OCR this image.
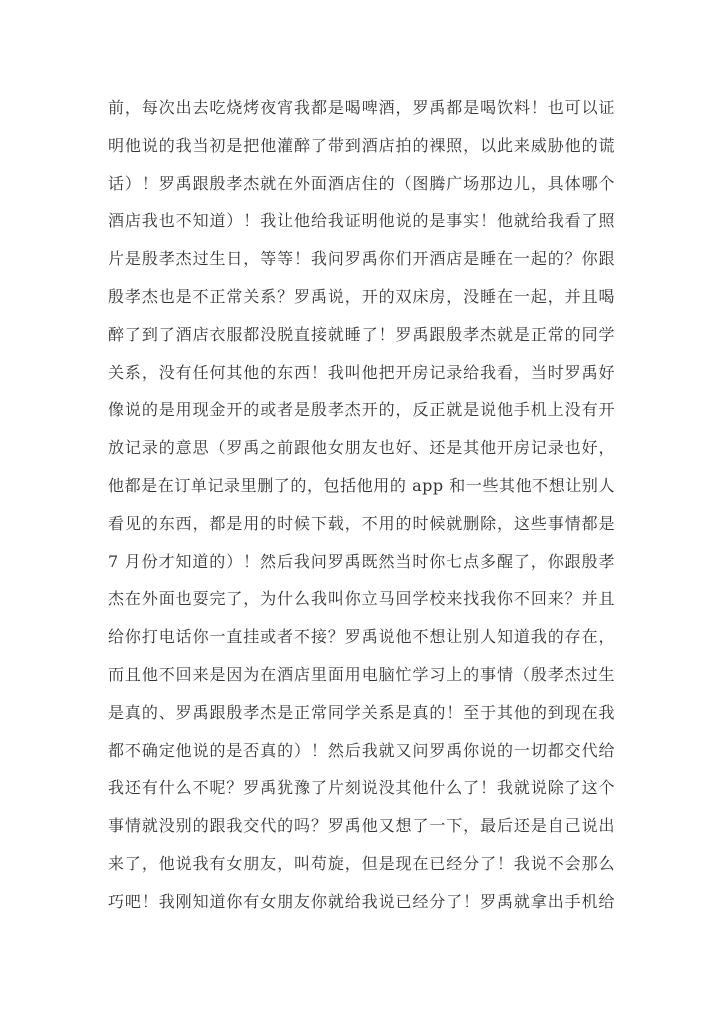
前，每次出去吃烧烤夜宵我都是喝啤酒，罗禹都是喝饮料！也可以证
明他说的我当初是把他灌醉了带到酒店拍的裸照，以此来威胁他的谎
话）！罗禹跟殷孝杰就在外面酒店住的（图腾广场那边儿，具体哪个
酒店我也不知道）！我让他给我证明他说的是事实！他就给我看了照
片是殷孝杰过生日，等等！我问罗禹你们开酒店是睡在一起的？你跟
殷孝杰也是不正常关系？罗禹说，开的双床房，没睡在一起，并且喝
醉了到了酒店衣服都没脱直接就睡了！罗禹跟殷孝杰就是正常的同学
关系，没有任何其他的东西！我叫他把开房记录给我看，当时罗禹好
像说的是用现金开的或者是殷孝杰开的，反正就是说他手机上没有开
放记录的意思（罗禹之前跟他女朋友也好、还是其他开房记录也好，
他都是在订单记录里删了的，包括他用的 app 和一些其他不想让别人
看见的东西，都是用的时候下载，不用的时候就删除，这些事情都是
7 月份才知道的）！然后我问罗禹既然当时你七点多醒了，你跟殷孝
杰在外面也耍完了，为什么我叫你立马回学校来找我你不回来？并且
给你打电话你一直挂或者不接？罗禹说他不想让别人知道我的存在，
而且他不回来是因为在酒店里面用电脑忙学习上的事情（殷孝杰过生
是真的、罗禹跟殷孝杰是正常同学关系是真的！至于其他的到现在我
都不确定他说的是否真的）！然后我就又问罗禹你说的一切都交代给
我还有什么不呢？罗禹犹豫了片刻说没其他什么了！我就说除了这个
事情就没别的跟我交代的吗？罗禹他又想了一下，最后还是自己说出
来了，他说我有女朋友，叫苟旋，但是现在已经分了！我说不会那么
巧吧！我刚知道你有女朋友你就给我说已经分了！罗禹就拿出手机给
